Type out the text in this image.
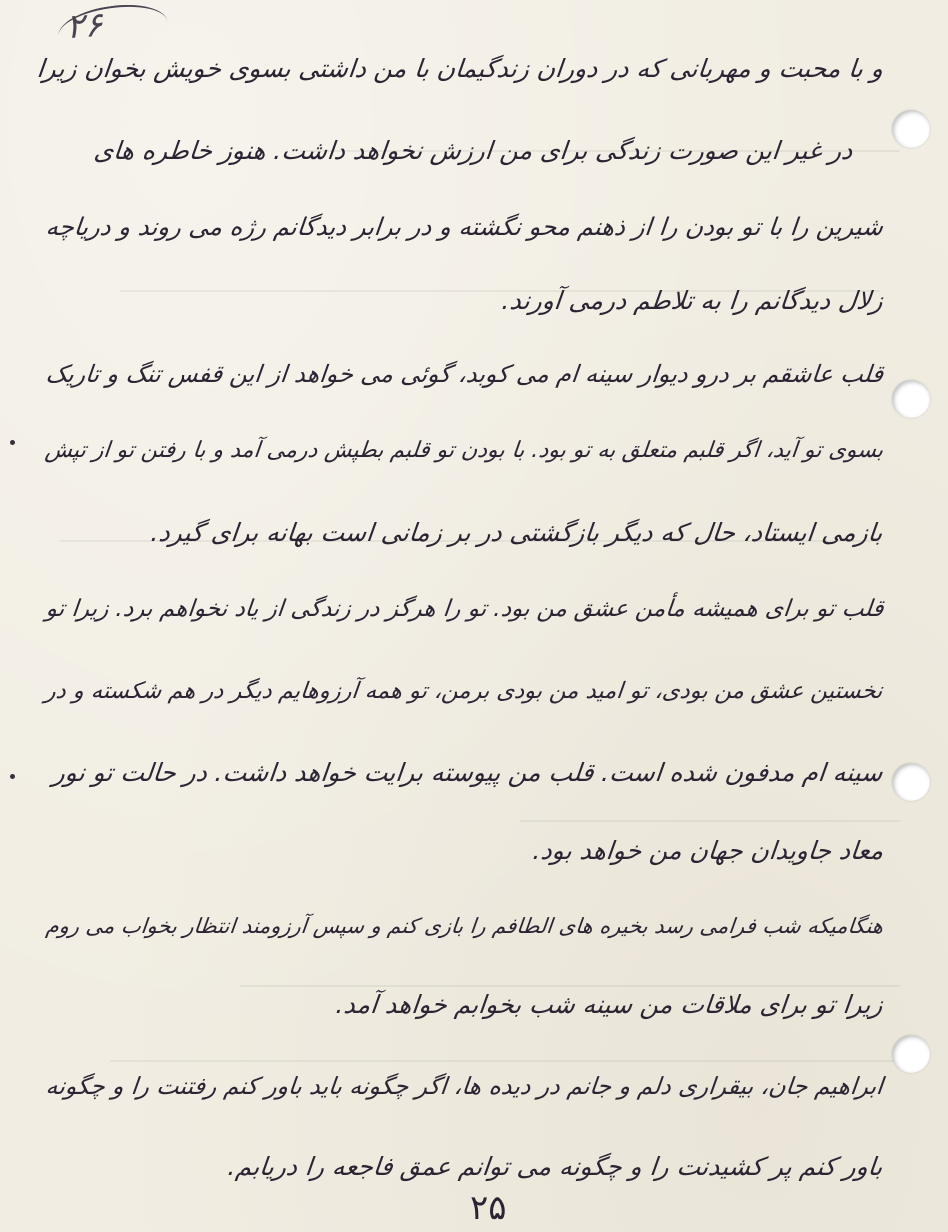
۲۶
و با محبت و مهربانی که در دوران زندگیمان با من داشتی بسوی خویش بخوان زیرا
در غیر این صورت زندگی برای من ارزش نخواهد داشت. هنوز خاطره های
شیرین را با تو بودن را از ذهنم محو نگشته و در برابر دیدگانم رژه می روند و دریاچه
زلال دیدگانم را به تلاطم درمی آورند.
قلب عاشقم بر درو دیوار سینه ام می کوبد، گوئی می خواهد از این قفس تنگ و تاریک
بسوی تو آید، اگر قلبم متعلق به تو بود. با بودن تو قلبم بطپش درمی آمد و با رفتن تو از تپش
بازمی ایستاد، حال که دیگر بازگشتی در بر زمانی است بهانه برای گیرد.
قلب تو برای همیشه مأمن عشق من بود. تو را هرگز در زندگی از یاد نخواهم برد. زیرا تو
نخستین عشق من بودی، تو امید من بودی برمن، تو همه آرزوهایم دیگر در هم شکسته و در
سینه ام مدفون شده است. قلب من پیوسته برایت خواهد داشت. در حالت تو نور
معاد جاویدان جهان من خواهد بود.
هنگامیکه شب فرامی رسد بخیره های الطافم را بازی کنم و سپس آرزومند انتظار بخواب می روم
زیرا تو برای ملاقات من سینه شب بخوابم خواهد آمد.
ابراهیم جان، بیقراری دلم و جانم در دیده ها، اگر چگونه باید باور کنم رفتنت را و چگونه
باور کنم پر کشیدنت را و چگونه می توانم عمق فاجعه را دریابم.
۲۵
